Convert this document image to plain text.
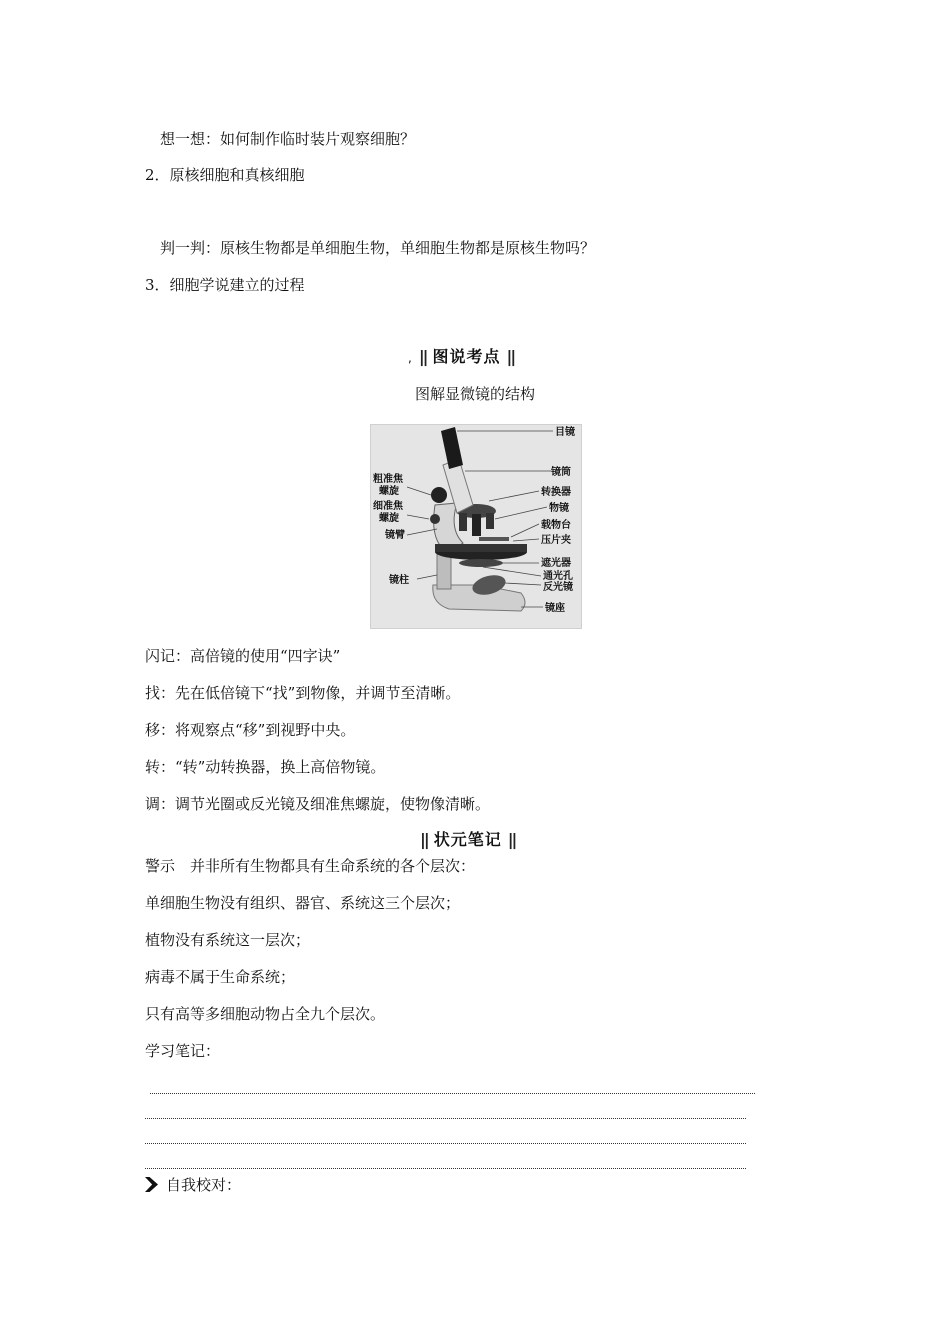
想一想：如何制作临时装片观察细胞？
2．原核细胞和真核细胞
判一判：原核生物都是单细胞生物，单细胞生物都是原核生物吗？
3．细胞学说建立的过程
, || 图说考点 ||
图解显微镜的结构
目镜
镜筒
转换器
物镜
载物台
压片夹
遮光器
通光孔
反光镜
镜座
粗准焦
螺旋
细准焦
螺旋
镜臂
镜柱
闪记：高倍镜的使用“四字诀”
找：先在低倍镜下“找”到物像，并调节至清晰。
移：将观察点“移”到视野中央。
转：“转”动转换器，换上高倍物镜。
调：调节光圈或反光镜及细准焦螺旋，使物像清晰。
|| 状元笔记 ||
警示　并非所有生物都具有生命系统的各个层次：
单细胞生物没有组织、器官、系统这三个层次；
植物没有系统这一层次；
病毒不属于生命系统；
只有高等多细胞动物占全九个层次。
学习笔记：
自我校对：
